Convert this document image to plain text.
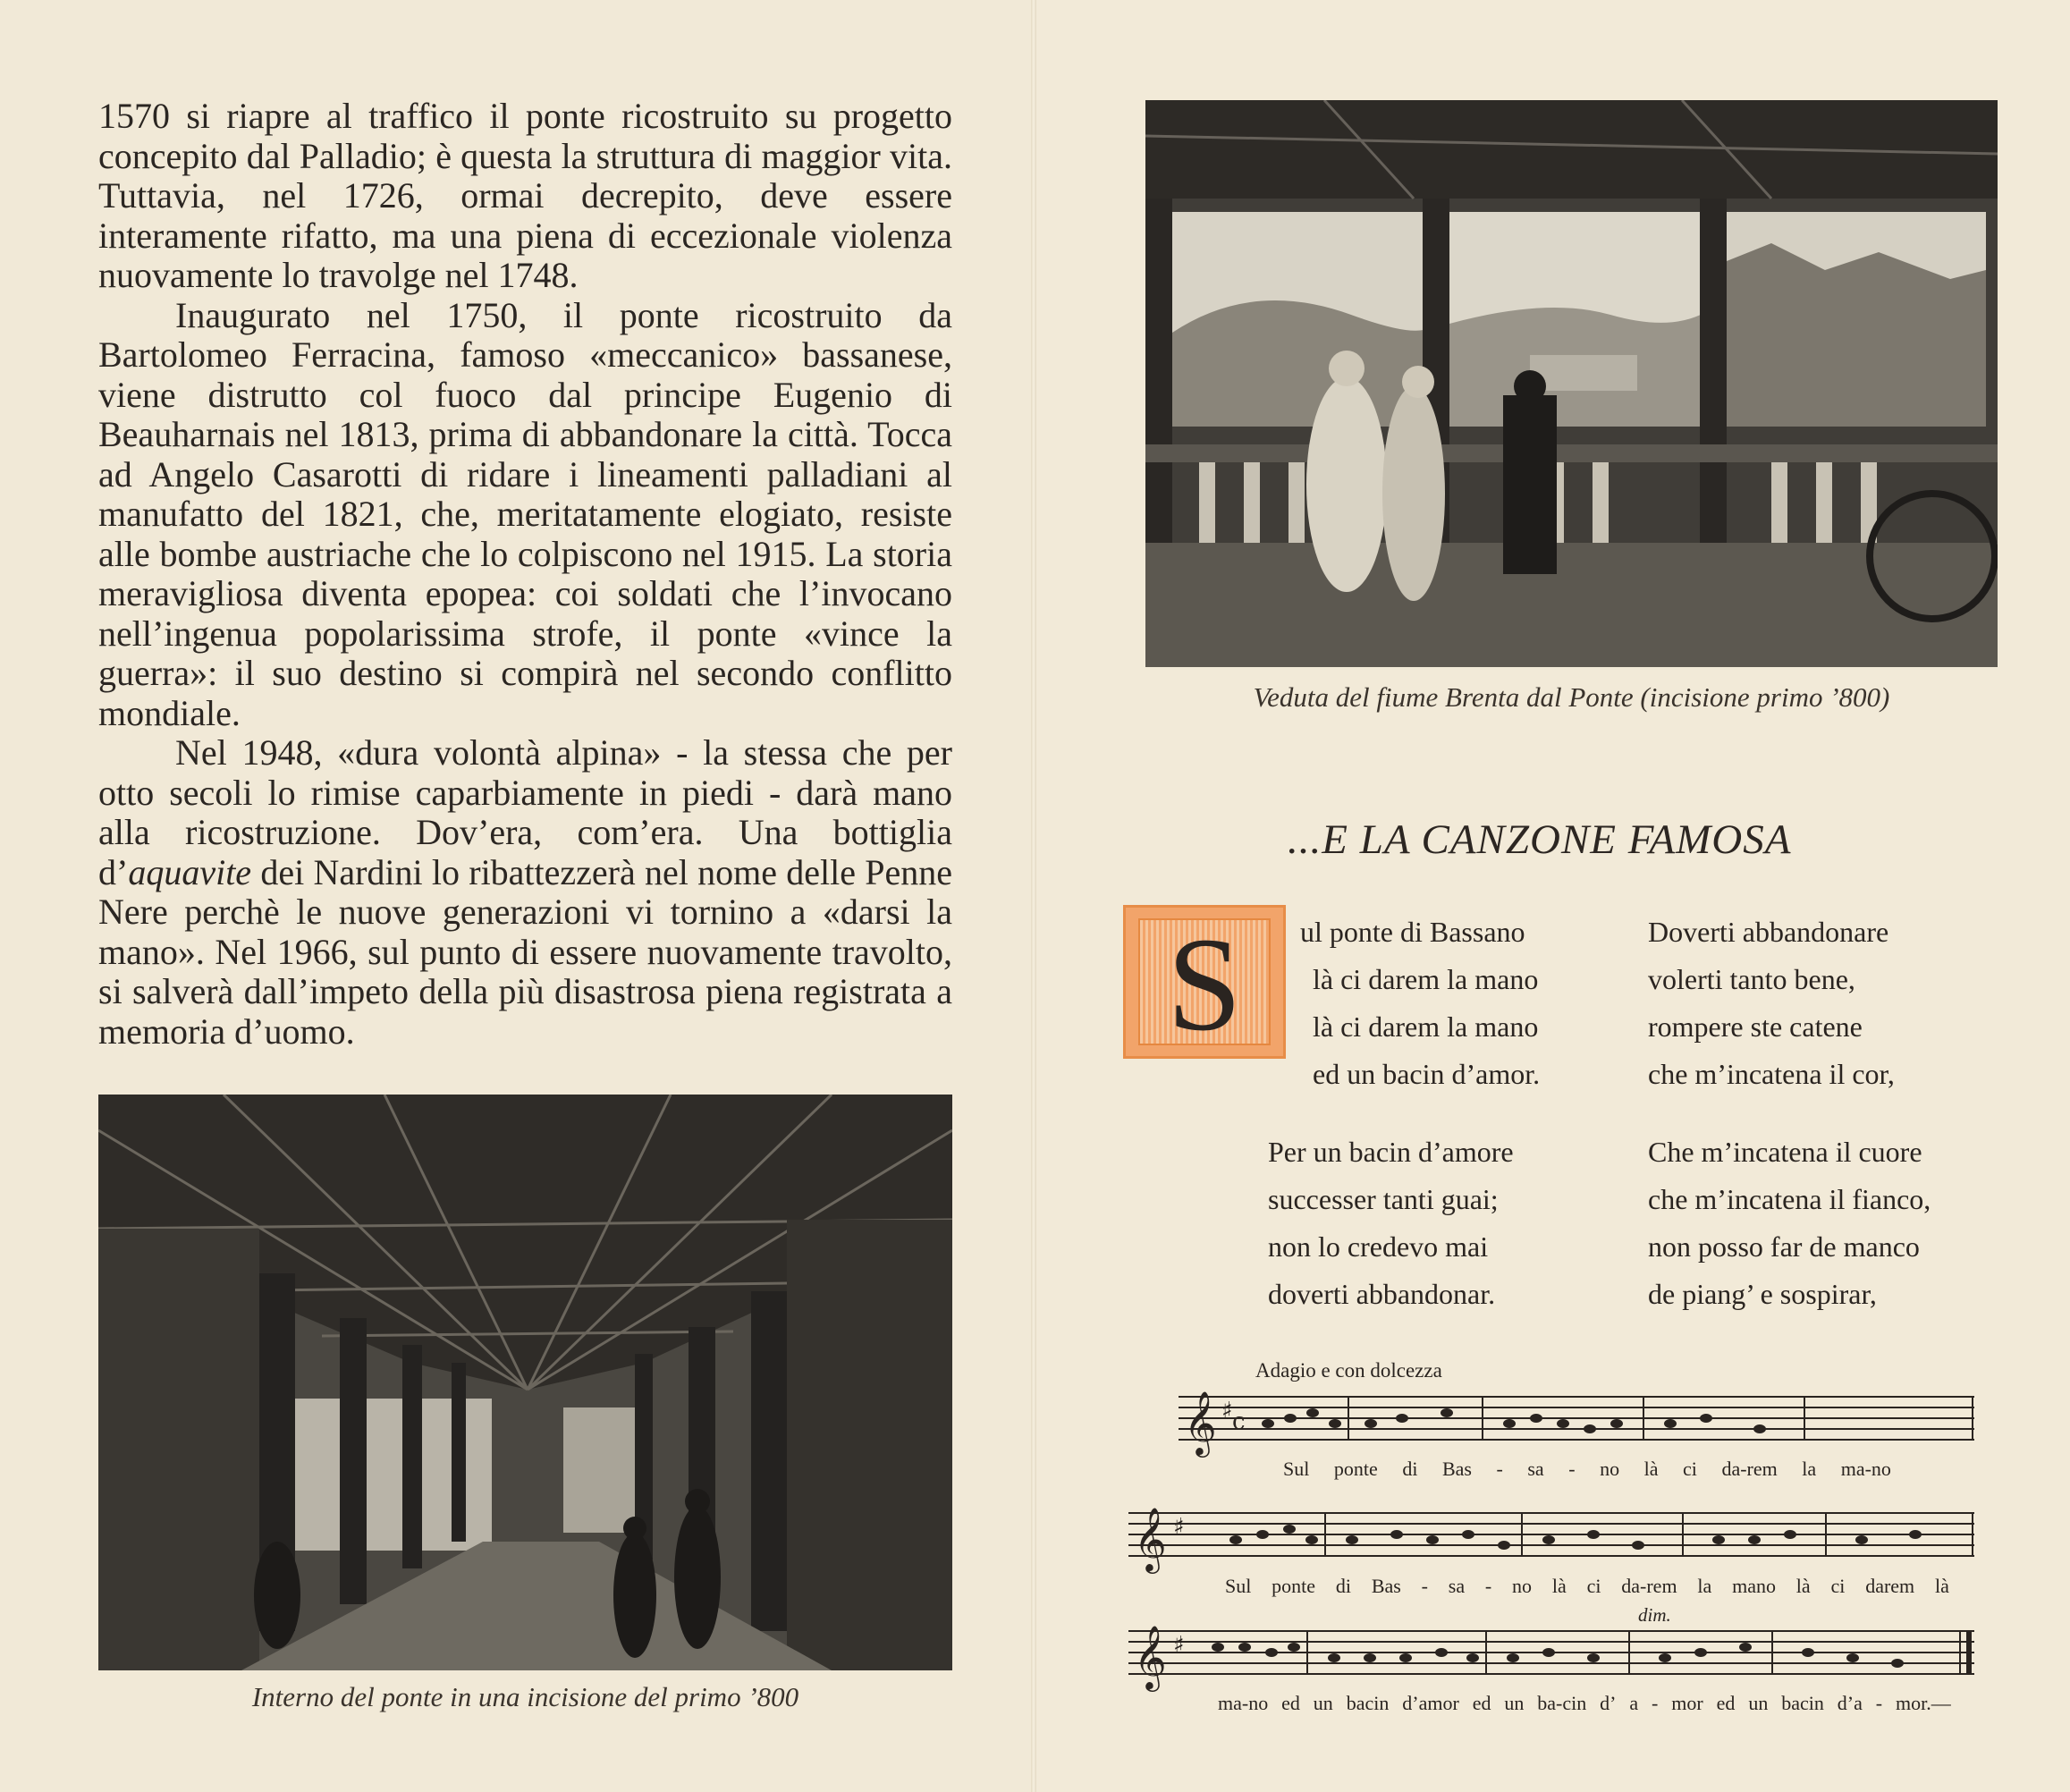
1570 si riapre al traffico il ponte ricostruito su progetto concepito dal Palladio; è questa la struttura di maggior vita. Tuttavia, nel 1726, ormai decrepito, deve essere interamente rifatto, ma una piena di eccezionale violenza nuovamente lo travolge nel 1748.

Inaugurato nel 1750, il ponte ricostruito da Bartolomeo Ferracina, famoso «meccanico» bassanese, viene distrutto col fuoco dal principe Eugenio di Beauharnais nel 1813, prima di abbandonare la città. Tocca ad Angelo Casarotti di ridare i lineamenti palladiani al manufatto del 1821, che, meritatamente elogiato, resiste alle bombe austriache che lo colpiscono nel 1915. La storia meravigliosa diventa epopea: coi soldati che l’invocano nell’ingenua popolarissima strofe, il ponte «vince la guerra»: il suo destino si compirà nel secondo conflitto mondiale.

Nel 1948, «dura volontà alpina» - la stessa che per otto secoli lo rimise caparbiamente in piedi - darà mano alla ricostruzione. Dov’era, com’era. Una bottiglia d’aquavite dei Nardini lo ribattezzerà nel nome delle Penne Nere perchè le nuove generazioni vi tornino a «darsi la mano». Nel 1966, sul punto di essere nuovamente travolto, si salverà dall’impeto della più disastrosa piena registrata a memoria d’uomo.

Interno del ponte in una incisione del primo ’800
Veduta del fiume Brenta dal Ponte (incisione primo ’800)
...E LA CANZONE FAMOSA
S	ul ponte di Bassano
là ci darem la mano
là ci darem la mano
ed un bacin d’amor.
Doverti abbandonare
volerti tanto bene,
rompere ste catene
che m’incatena il cor,
Per un bacin d’amore
successer tanti guai;
non lo credevo mai
doverti abbandonar.
Che m’incatena il cuore
che m’incatena il fianco,
non posso far de manco
de piang’ e sospirar,
Adagio e con dolcezza
dim.
𝄞 ♯ c
Sul ponte di Bas - sa - no là ci da-rem la ma-no
𝄞 ♯
Sul ponte di Bas - sa - no là ci da-rem la mano là ci darem là
𝄞 ♯
ma-no ed un bacin d’amor ed un ba-cin d’ a - mor ed un bacin d’a - mor.—
